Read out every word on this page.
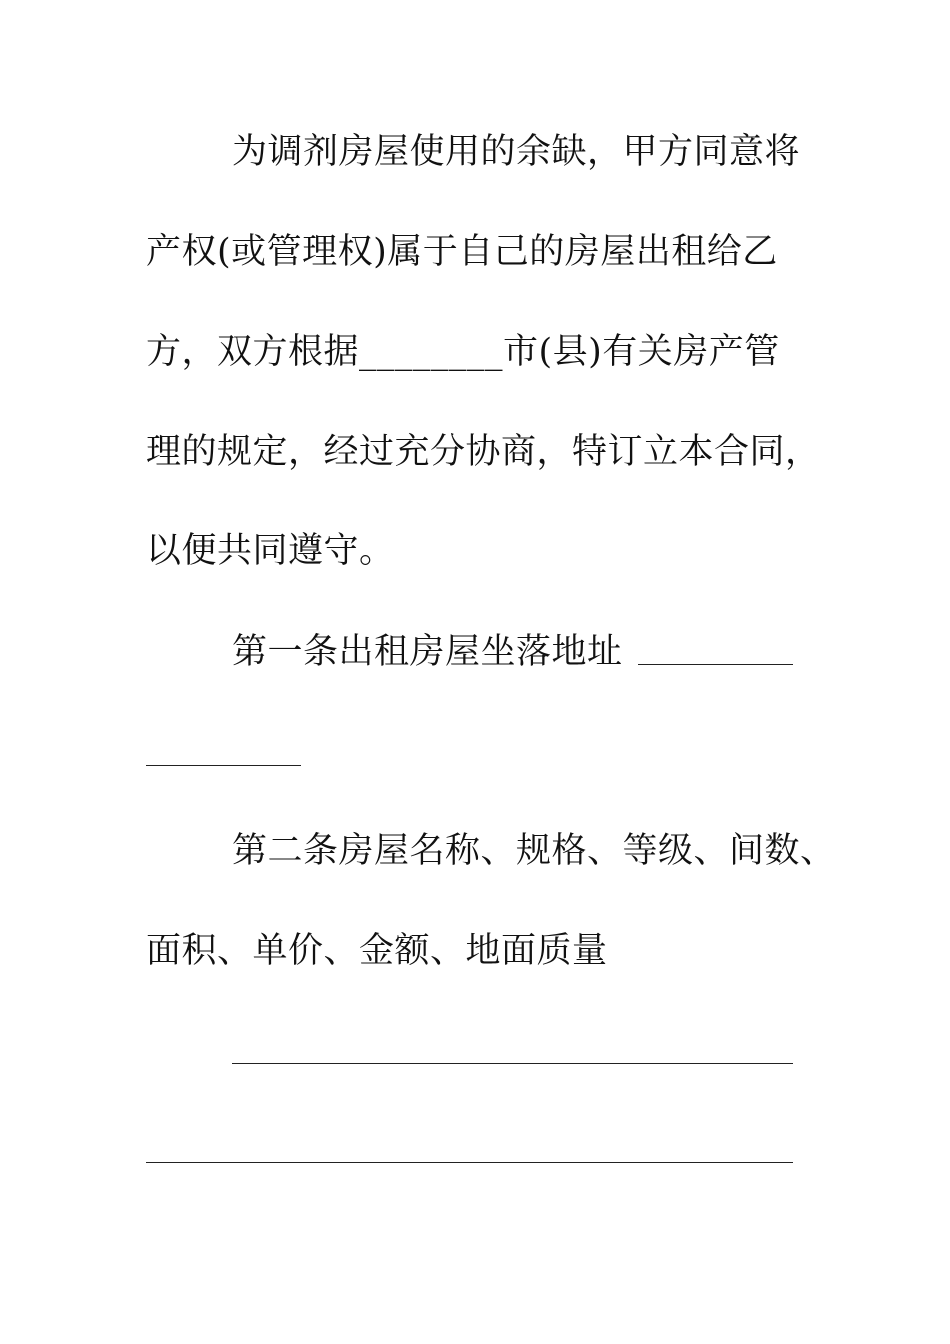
为调剂房屋使用的余缺，甲方同意将
产权(或管理权)属于自己的房屋出租给乙
方，双方根据________市(县)有关房产管
理的规定，经过充分协商，特订立本合同，
以便共同遵守。
第一条出租房屋坐落地址
第二条房屋名称、规格、等级、间数、
面积、单价、金额、地面质量
